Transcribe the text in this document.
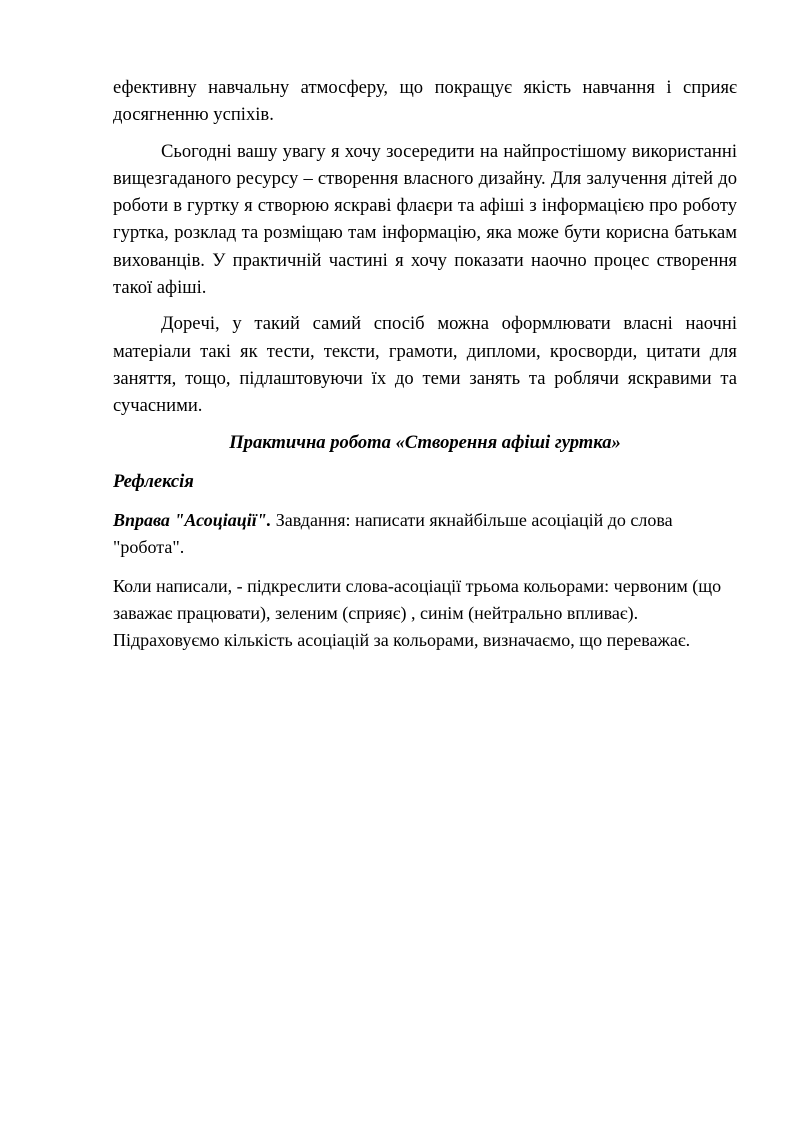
ефективну навчальну атмосферу, що покращує якість навчання і сприяє досягненню успіхів.

Сьогодні вашу увагу я хочу зосередити на найпростішому використанні вищезгаданого ресурсу – створення власного дизайну. Для залучення дітей до роботи в гуртку я створюю яскраві флаєри та афіші з інформацією про роботу гуртка, розклад та розміщаю там інформацію, яка може бути корисна батькам вихованців. У практичній частині я хочу показати наочно процес створення такої афіші.

Дорeчі, у такий самий спосіб можна оформлювати власні наочні матеріали такі як тести, тексти, грамоти, дипломи, кросворди, цитати для заняття, тощо, підлаштовуючи їх до теми занять та роблячи яскравими та сучасними.

Практична робота «Створення афіші гуртка»

Рефлексія

Вправа "Асоціації". Завдання: написати якнайбільше асоціацій до слова "робота".

Коли написали, - підкреслити слова-асоціації трьома кольорами: червоним (що заважає працювати), зеленим (сприяє) , синім (нейтрально впливає). Підраховуємо кількість асоціацій за кольорами, визначаємо, що переважає.
